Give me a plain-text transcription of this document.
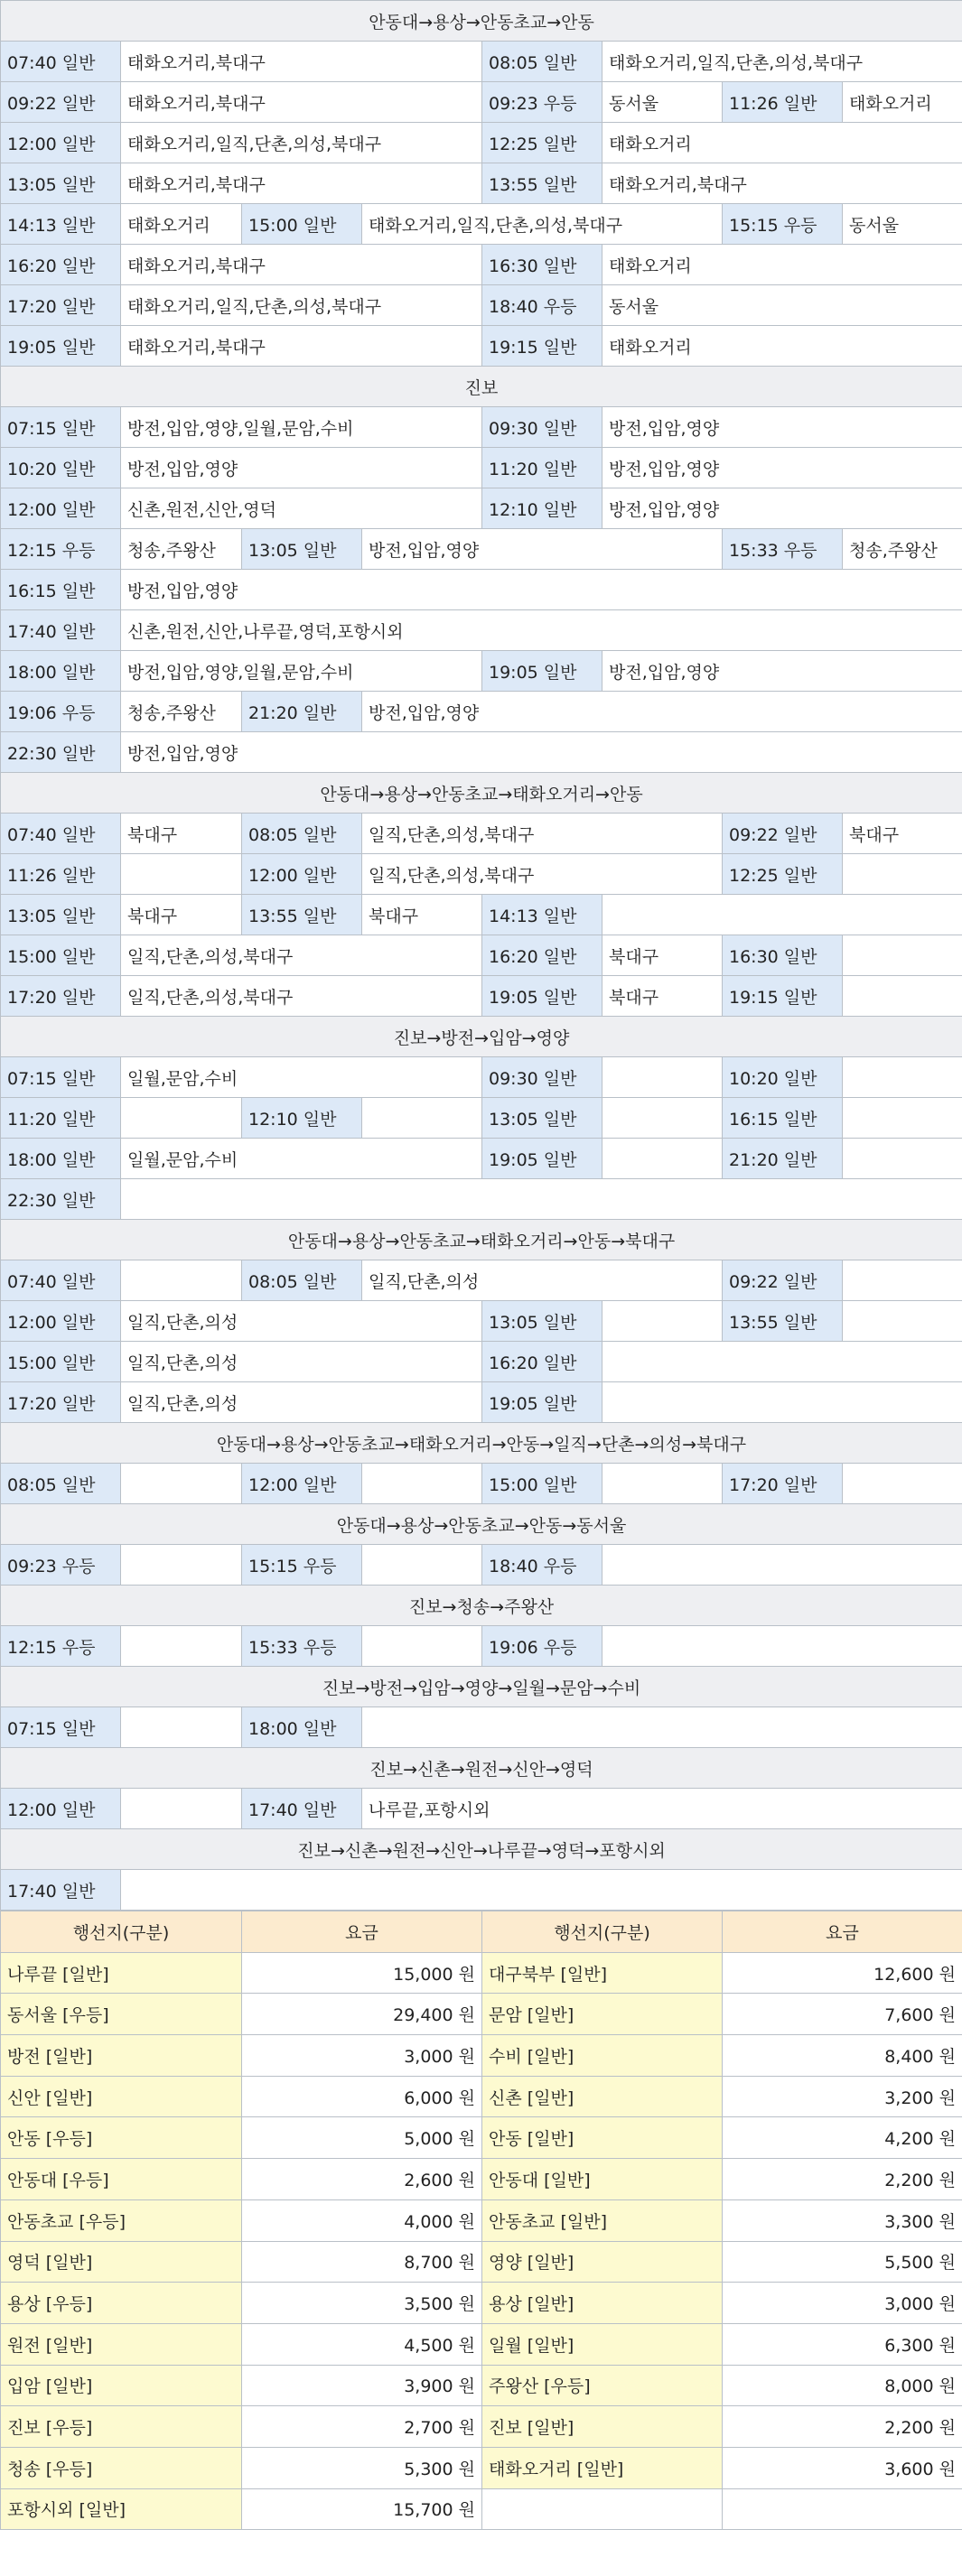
안동대→용상→안동초교→안동							
07:40 일반	태화오거리,북대구			08:05 일반	태화오거리,일직,단촌,의성,북대구		
09:22 일반	태화오거리,북대구			09:23 우등	동서울	11:26 일반	태화오거리
12:00 일반	태화오거리,일직,단촌,의성,북대구			12:25 일반	태화오거리		
13:05 일반	태화오거리,북대구			13:55 일반	태화오거리,북대구		
14:13 일반	태화오거리	15:00 일반	태화오거리,일직,단촌,의성,북대구			15:15 우등	동서울
16:20 일반	태화오거리,북대구			16:30 일반	태화오거리		
17:20 일반	태화오거리,일직,단촌,의성,북대구			18:40 우등	동서울		
19:05 일반	태화오거리,북대구			19:15 일반	태화오거리		
진보							
07:15 일반	방전,입암,영양,일월,문암,수비			09:30 일반	방전,입암,영양		
10:20 일반	방전,입암,영양			11:20 일반	방전,입암,영양		
12:00 일반	신촌,원전,신안,영덕			12:10 일반	방전,입암,영양		
12:15 우등	청송,주왕산	13:05 일반	방전,입암,영양			15:33 우등	청송,주왕산
16:15 일반	방전,입암,영양						
17:40 일반	신촌,원전,신안,나루끝,영덕,포항시외						
18:00 일반	방전,입암,영양,일월,문암,수비			19:05 일반	방전,입암,영양		
19:06 우등	청송,주왕산	21:20 일반	방전,입암,영양				
22:30 일반	방전,입암,영양						
안동대→용상→안동초교→태화오거리→안동							
07:40 일반	북대구	08:05 일반	일직,단촌,의성,북대구			09:22 일반	북대구
11:26 일반		12:00 일반	일직,단촌,의성,북대구			12:25 일반	
13:05 일반	북대구	13:55 일반	북대구	14:13 일반			
15:00 일반	일직,단촌,의성,북대구			16:20 일반	북대구	16:30 일반	
17:20 일반	일직,단촌,의성,북대구			19:05 일반	북대구	19:15 일반	
진보→방전→입암→영양							
07:15 일반	일월,문암,수비			09:30 일반		10:20 일반	
11:20 일반		12:10 일반		13:05 일반		16:15 일반	
18:00 일반	일월,문암,수비			19:05 일반		21:20 일반	
22:30 일반							
안동대→용상→안동초교→태화오거리→안동→북대구							
07:40 일반		08:05 일반	일직,단촌,의성			09:22 일반	
12:00 일반	일직,단촌,의성			13:05 일반		13:55 일반	
15:00 일반	일직,단촌,의성			16:20 일반			
17:20 일반	일직,단촌,의성			19:05 일반			
안동대→용상→안동초교→태화오거리→안동→일직→단촌→의성→북대구							
08:05 일반		12:00 일반		15:00 일반		17:20 일반	
안동대→용상→안동초교→안동→동서울							
09:23 우등		15:15 우등		18:40 우등			
진보→청송→주왕산							
12:15 우등		15:33 우등		19:06 우등			
진보→방전→입암→영양→일월→문암→수비							
07:15 일반		18:00 일반					
진보→신촌→원전→신안→영덕							
12:00 일반		17:40 일반	나루끝,포항시외				
진보→신촌→원전→신안→나루끝→영덕→포항시외							
17:40 일반							
행선지(구분)	요금	행선지(구분)	요금
나루끝 [일반]	15,000 원	대구북부 [일반]	12,600 원
동서울 [우등]	29,400 원	문암 [일반]	7,600 원
방전 [일반]	3,000 원	수비 [일반]	8,400 원
신안 [일반]	6,000 원	신촌 [일반]	3,200 원
안동 [우등]	5,000 원	안동 [일반]	4,200 원
안동대 [우등]	2,600 원	안동대 [일반]	2,200 원
안동초교 [우등]	4,000 원	안동초교 [일반]	3,300 원
영덕 [일반]	8,700 원	영양 [일반]	5,500 원
용상 [우등]	3,500 원	용상 [일반]	3,000 원
원전 [일반]	4,500 원	일월 [일반]	6,300 원
입암 [일반]	3,900 원	주왕산 [우등]	8,000 원
진보 [우등]	2,700 원	진보 [일반]	2,200 원
청송 [우등]	5,300 원	태화오거리 [일반]	3,600 원
포항시외 [일반]	15,700 원		
